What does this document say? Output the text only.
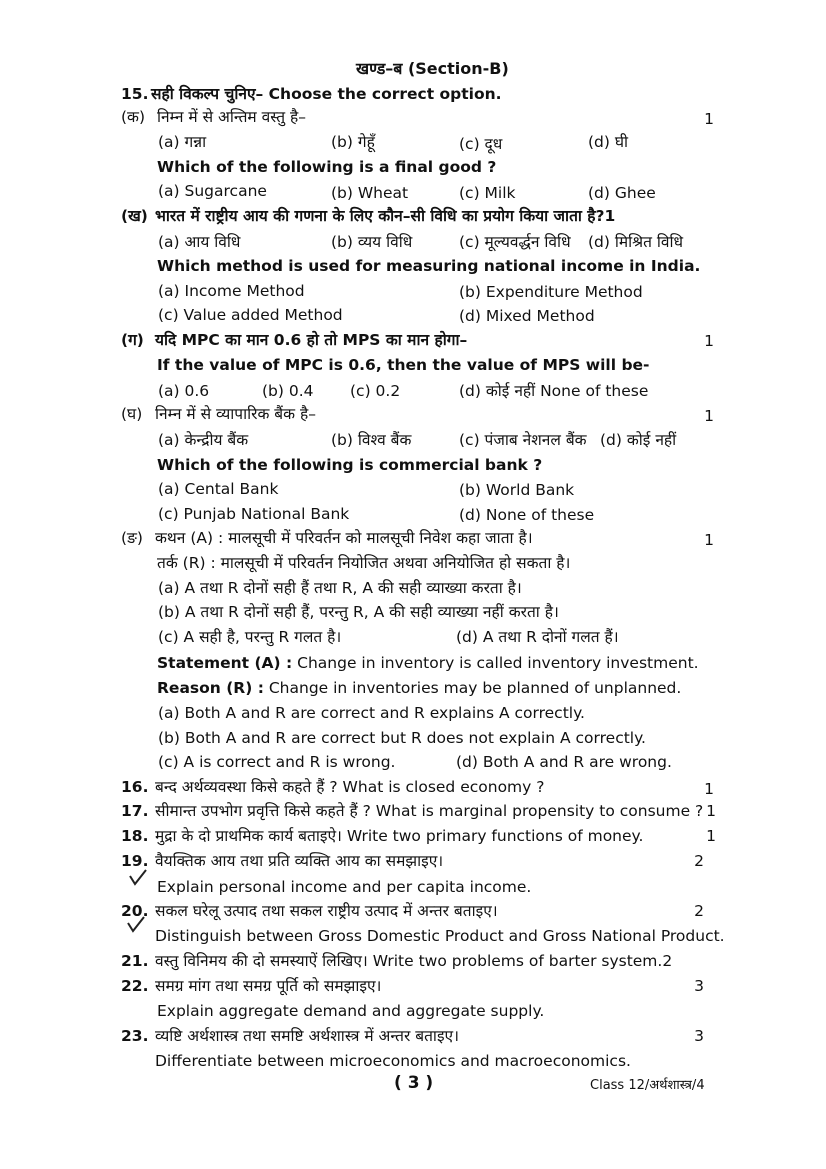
खण्ड–ब (Section-B)
15. सही विकल्प चुनिए– Choose the correct option.
(क) निम्न में से अन्तिम वस्तु है–	1
(a) गन्ना	(b) गेहूँ	(c) दूध	(d) घी
Which of the following is a final good ?
(a) Sugarcane	(b) Wheat	(c) Milk	(d) Ghee
(ख) भारत में राष्ट्रीय आय की गणना के लिए कौन–सी विधि का प्रयोग किया जाता है?1
(a) आय विधि	(b) व्यय विधि	(c) मूल्यवर्द्धन विधि (d) मिश्रित विधि
Which method is used for measuring national income in India.
(a) Income Method	(b) Expenditure Method
(c) Value added Method	(d) Mixed Method
(ग) यदि MPC का मान 0.6 हो तो MPS का मान होगा–	1
If the value of MPC is 0.6, then the value of MPS will be-
(a) 0.6	(b) 0.4 (c) 0.2	(d) कोई नहीं None of these
(घ) निम्न में से व्यापारिक बैंक है–	1
(a) केन्द्रीय बैंक	(b) विश्व बैंक	(c) पंजाब नेशनल बैंक (d) कोई नहीं
Which of the following is commercial bank ?
(a) Cental Bank	(b) World Bank
(c) Punjab National Bank	(d) None of these
(ङ) कथन (A) : मालसूची में परिवर्तन को मालसूची निवेश कहा जाता है।	1
तर्क (R) : मालसूची में परिवर्तन नियोजित अथवा अनियोजित हो सकता है।
(a) A तथा R दोनों सही हैं तथा R, A की सही व्याख्या करता है।
(b) A तथा R दोनों सही हैं, परन्तु R, A की सही व्याख्या नहीं करता है।
(c) A सही है, परन्तु R गलत है।	(d) A तथा R दोनों गलत हैं।
Statement (A) : Change in inventory is called inventory investment.
Reason (R) : Change in inventories may be planned of unplanned.
(a) Both A and R are correct and R explains A correctly.
(b) Both A and R are correct but R does not explain A correctly.
(c) A is correct and R is wrong.	(d) Both A and R are wrong.
16. बन्द अर्थव्यवस्था किसे कहते हैं ? What is closed economy ?	1
17. सीमान्त उपभोग प्रवृत्ति किसे कहते हैं ? What is marginal propensity to consume ? 1
18. मुद्रा के दो प्राथमिक कार्य बताइऐ। Write two primary functions of money.	1
19. वैयक्तिक आय तथा प्रति व्यक्ति आय का समझाइए।	2
Explain personal income and per capita income.
20. सकल घरेलू उत्पाद तथा सकल राष्ट्रीय उत्पाद में अन्तर बताइए।	2
Distinguish between Gross Domestic Product and Gross National Product.
21. वस्तु विनिमय की दो समस्याऐं लिखिए। Write two problems of barter system.2
22. समग्र मांग तथा समग्र पूर्ति को समझाइए।	3
Explain aggregate demand and aggregate supply.
23. व्यष्टि अर्थशास्त्र तथा समष्टि अर्थशास्त्र में अन्तर बताइए।	3
Differentiate between microeconomics and macroeconomics.
( 3 )	Class 12/अर्थशास्त्र/4
